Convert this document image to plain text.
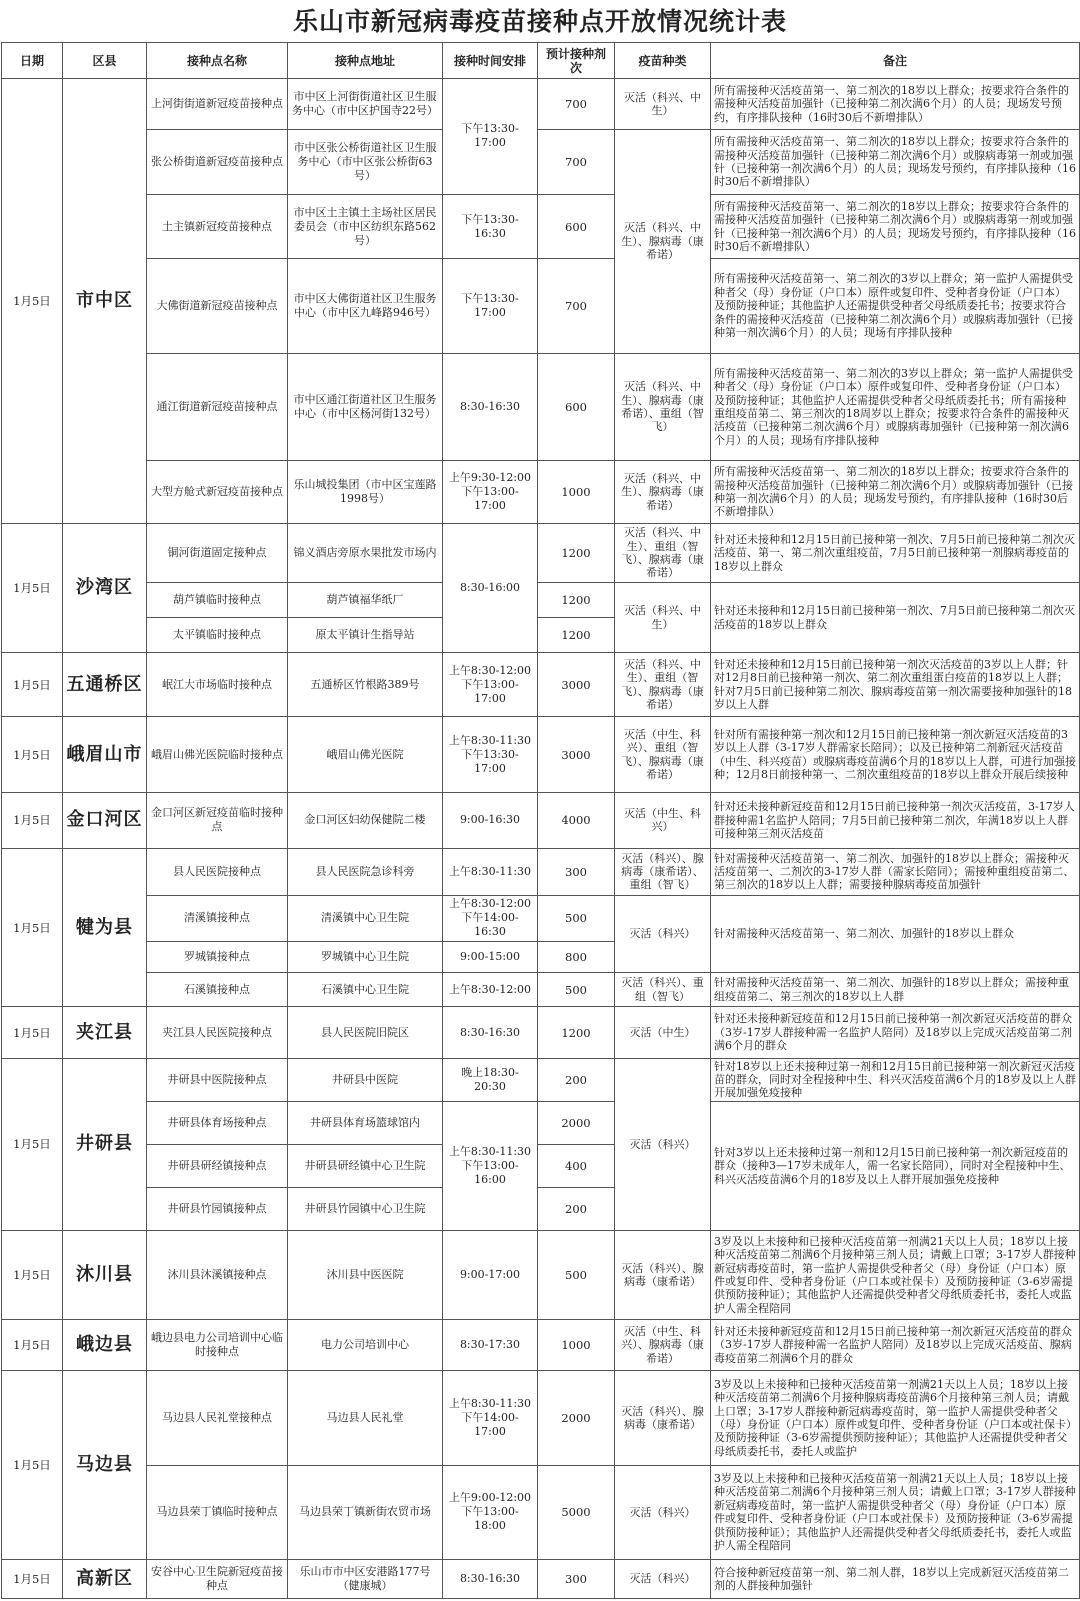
乐山市新冠病毒疫苗接种点开放情况统计表
日期	区县	接种点名称	接种点地址	接种时间安排	预计接种剂次	疫苗种类	备注
1月5日	市中区	上河街街道新冠疫苗接种点	市中区上河街街道社区卫生服务中心（市中区护国寺22号）	下午13:30-17:00	700	灭活（科兴、中生）	所有需接种灭活疫苗第一、第二剂次的18岁以上群众；按要求符合条件的需接种灭活疫苗加强针（已接种第二剂次满6个月）的人员；现场发号预约，有序排队接种（16时30后不新增排队）
		张公桥街道新冠疫苗接种点	市中区张公桥街道社区卫生服务中心（市中区张公桥街63号）		700	灭活（科兴、中生）、腺病毒（康希诺）	所有需接种灭活疫苗第一、第二剂次的18岁以上群众；按要求符合条件的需接种灭活疫苗加强针（已接种第二剂次满6个月）或腺病毒第一剂或加强针（已接种第一剂次满6个月）的人员；现场发号预约，有序排队接种（16时30后不新增排队）
		土主镇新冠疫苗接种点	市中区土主镇土主场社区居民委员会（市中区纺织东路562号）	下午13:30-16:30	600		所有需接种灭活疫苗第一、第二剂次的18岁以上群众；按要求符合条件的需接种灭活疫苗加强针（已接种第二剂次满6个月）或腺病毒第一剂或加强针（已接种第一剂次满6个月）的人员；现场发号预约，有序排队接种（16时30后不新增排队）
		大佛街道新冠疫苗接种点	市中区大佛街道社区卫生服务中心（市中区九峰路946号）	下午13:30-17:00	700		所有需接种灭活疫苗第一、第二剂次的3岁以上群众；第一监护人需提供受种者父（母）身份证（户口本）原件或复印件、受种者身份证（户口本）及预防接种证；其他监护人还需提供受种者父母纸质委托书；按要求符合条件的需接种灭活疫苗（已接种第二剂次满6个月）或腺病毒加强针（已接种第一剂次满6个月）的人员；现场有序排队接种
		通江街道新冠疫苗接种点	市中区通江街道社区卫生服务中心（市中区杨河街132号）	8:30-16:30	600	灭活（科兴、中生）、腺病毒（康希诺）、重组（智飞）	所有需接种灭活疫苗第一、第二剂次的3岁以上群众；第一监护人需提供受种者父（母）身份证（户口本）原件或复印件、受种者身份证（户口本）及预防接种证；其他监护人还需提供受种者父母纸质委托书；所有需接种重组疫苗第二、第三剂次的18周岁以上群众；按要求符合条件的需接种灭活疫苗（已接种第二剂次满6个月）或腺病毒加强针（已接种第一剂次满6个月）的人员；现场有序排队接种
		大型方舱式新冠疫苗接种点	乐山城投集团（市中区宝莲路1998号）	上午9:30-12:00
下午13:00-17:00	1000	灭活（科兴、中生）、腺病毒（康希诺）	所有需接种灭活疫苗第一、第二剂次的18岁以上群众；按要求符合条件的需接种灭活疫苗加强针（已接种第二剂次满6个月）或腺病毒加强针（已接种第一剂次满6个月）的人员；现场发号预约，有序排队接种（16时30后不新增排队）
1月5日	沙湾区	铜河街道固定接种点	锦义酒店旁原水果批发市场内	8:30-16:00	1200	灭活（科兴、中生）、重组（智飞）、腺病毒（康希诺）	针对还未接种和12月15日前已接种第一剂次、7月5日前已接种第二剂次灭活疫苗、第一、第二剂次重组疫苗，7月5日前已接种第一剂腺病毒疫苗的18岁以上群众
		葫芦镇临时接种点	葫芦镇福华纸厂		1200	灭活（科兴、中生）	针对还未接种和12月15日前已接种第一剂次、7月5日前已接种第二剂次灭活疫苗的18岁以上群众
		太平镇临时接种点	原太平镇计生指导站		1200		
1月5日	五通桥区	岷江大市场临时接种点	五通桥区竹根路389号	上午8:30-12:00
下午13:00-17:00	3000	灭活（科兴、中生）、重组（智飞）、腺病毒（康希诺）	针对还未接种和12月15日前已接种第一剂次灭活疫苗的3岁以上人群；针对12月8日前已接种第一剂次、第二剂次重组蛋白疫苗的18岁以上人群；针对7月5日前已接种第二剂次、腺病毒疫苗第一剂次需要接种加强针的18岁以上人群
1月5日	峨眉山市	峨眉山佛光医院临时接种点	峨眉山佛光医院	上午8:30-11:30
下午13:30-17:00	3000	灭活（中生、科兴）、重组（智飞）、腺病毒（康希诺）	针对所有需接种第一剂次和12月15日前已接种第一剂次新冠灭活疫苗的3岁以上人群（3-17岁人群需家长陪同）；以及已接种第二剂新冠灭活疫苗（中生、科兴疫苗）或腺病毒疫苗满6个月的18岁以上人群，可进行加强接种；12月8日前接种第一、二剂次重组疫苗的18岁以上群众开展后续接种
1月5日	金口河区	金口河区新冠疫苗临时接种点	金口河区妇幼保健院二楼	9:00-16:30	4000	灭活（中生、科兴）	针对还未接种新冠疫苗和12月15日前已接种第一剂次灭活疫苗，3-17岁人群接种需1名监护人陪同；7月5日前已接种第二剂次，年满18岁以上人群可接种第三剂灭活疫苗
1月5日	犍为县	县人民医院接种点	县人民医院急诊科旁	上午8:30-11:30	300	灭活（科兴）、腺病毒（康希诺）、重组（智飞）	针对需接种灭活疫苗第一、第二剂次、加强针的18岁以上群众；需接种灭活疫苗第一、二剂次的3-17岁人群（需家长陪同）；需接种重组疫苗第二、第三剂次的18岁以上人群；需要接种腺病毒疫苗加强针
		清溪镇接种点	清溪镇中心卫生院	上午8:30-12:00
下午14:00-16:30	500	灭活（科兴）	针对需接种灭活疫苗第一、第二剂次、加强针的18岁以上群众
		罗城镇接种点	罗城镇中心卫生院	9:00-15:00	800		
		石溪镇接种点	石溪镇中心卫生院	上午8:30-12:00	500	灭活（科兴）、重组（智飞）	针对需接种灭活疫苗第一、第二剂次、加强针的18岁以上群众；需接种重组疫苗第二、第三剂次的18岁以上人群
1月5日	夹江县	夹江县人民医院接种点	县人民医院旧院区	8:30-16:30	1200	灭活（中生）	针对还未接种新冠疫苗和12月15日前已接种第一剂次新冠灭活疫苗的群众（3岁-17岁人群接种需一名监护人陪同）及18岁以上完成灭活疫苗第二剂满6个月的群众
1月5日	井研县	井研县中医院接种点	井研县中医院	晚上18:30-20:30	200	灭活（科兴）	针对18岁以上还未接种过第一剂和12月15日前已接种第一剂次新冠灭活疫苗的群众，同时对全程接种中生、科兴灭活疫苗满6个月的18岁及以上人群开展加强免疫接种
		井研县体育场接种点	井研县体育场篮球馆内	上午8:30-11:30
下午13:00-16:00	2000		针对3岁以上还未接种过第一剂和12月15日前已接种第一剂次新冠疫苗的群众（接种3—17岁未成年人，需一名家长陪同），同时对全程接种中生、科兴灭活疫苗满6个月的18岁及以上人群开展加强免疫接种
		井研县研经镇接种点	井研县研经镇中心卫生院		400		
		井研县竹园镇接种点	井研县竹园镇中心卫生院		200		
1月5日	沐川县	沐川县沐溪镇接种点	沐川县中医医院	9:00-17:00	500	灭活（科兴）、腺病毒（康希诺）	3岁及以上未接种和已接种灭活疫苗第一剂满21天以上人员；18岁以上接种灭活疫苗第二剂满6个月接种第三剂人员；请戴上口罩；3-17岁人群接种新冠病毒疫苗时，第一监护人需提供受种者父（母）身份证（户口本）原件或复印件、受种者身份证（户口本或社保卡）及预防接种证（3-6岁需提供预防接种证）；其他监护人还需提供受种者父母纸质委托书，委托人或监护人需全程陪同
1月5日	峨边县	峨边县电力公司培训中心临时接种点	电力公司培训中心	8:30-17:30	1000	灭活（中生、科兴）、腺病毒（康希诺）	针对还未接种新冠疫苗和12月15日前已接种第一剂次新冠灭活疫苗的群众（3岁-17岁人群接种需一名监护人陪同）及18岁以上完成灭活疫苗、腺病毒疫苗第二剂满6个月的群众
1月5日	马边县	马边县人民礼堂接种点	马边县人民礼堂	上午8:30-11:30
下午14:00-17:00	2000	灭活（科兴）、腺病毒（康希诺）	3岁及以上未接种和已接种灭活疫苗第一剂满21天以上人员；18岁以上接种灭活疫苗第二剂满6个月接种腺病毒疫苗满6个月接种第三剂人员；请戴上口罩；3-17岁人群接种新冠病毒疫苗时，第一监护人需提供受种者父（母）身份证（户口本）原件或复印件、受种者身份证（户口本或社保卡）及预防接种证（3-6岁需提供预防接种证）；其他监护人还需提供受种者父母纸质委托书，委托人或监护
		马边县荣丁镇临时接种点	马边县荣丁镇新街农贸市场	上午9:00-12:00
下午13:00-18:00	5000	灭活（科兴）	3岁及以上未接种和已接种灭活疫苗第一剂满21天以上人员；18岁以上接种灭活疫苗第二剂满6个月接种第三剂人员；请戴上口罩；3-17岁人群接种新冠病毒疫苗时，第一监护人需提供受种者父（母）身份证（户口本）原件或复印件、受种者身份证（户口本或社保卡）及预防接种证（3-6岁需提供预防接种证）；其他监护人还需提供受种者父母纸质委托书，委托人或监护人需全程陪同
1月5日	高新区	安谷中心卫生院新冠疫苗接种点	乐山市市中区安港路177号（健康城）	8:30-16:30	300	灭活（科兴）	符合接种新冠疫苗第一剂、第二剂人群，18岁以上完成新冠灭活疫苗第二剂的人群接种加强针
